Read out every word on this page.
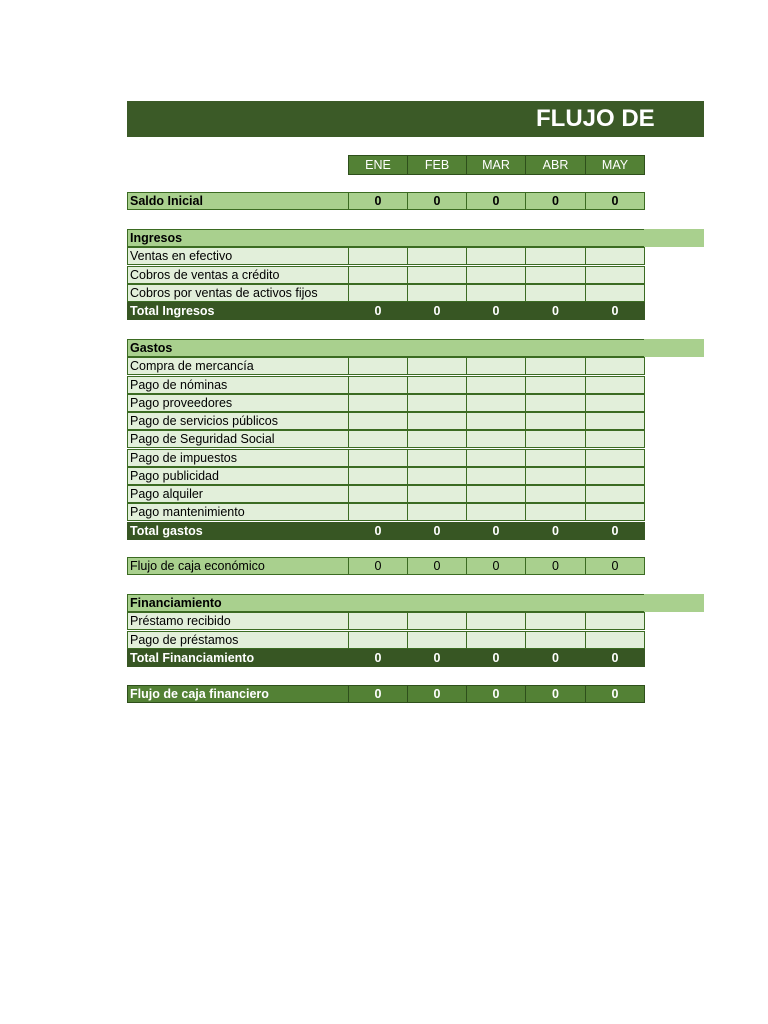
FLUJO DE
ENE	FEB	MAR	ABR	MAY
Saldo Inicial	0	0	0	0	0
Ingresos
Ventas en efectivo
Cobros de ventas a crédito
Cobros por ventas de activos fijos
Total Ingresos	0	0	0	0	0
Gastos
Compra de mercancía
Pago de nóminas
Pago proveedores
Pago de servicios públicos
Pago de Seguridad Social
Pago de impuestos
Pago publicidad
Pago alquiler
Pago mantenimiento
Total gastos	0	0	0	0	0
Flujo de caja económico	0	0	0	0	0
Financiamiento
Préstamo recibido
Pago de préstamos
Total Financiamiento	0	0	0	0	0
Flujo de caja financiero	0	0	0	0	0
